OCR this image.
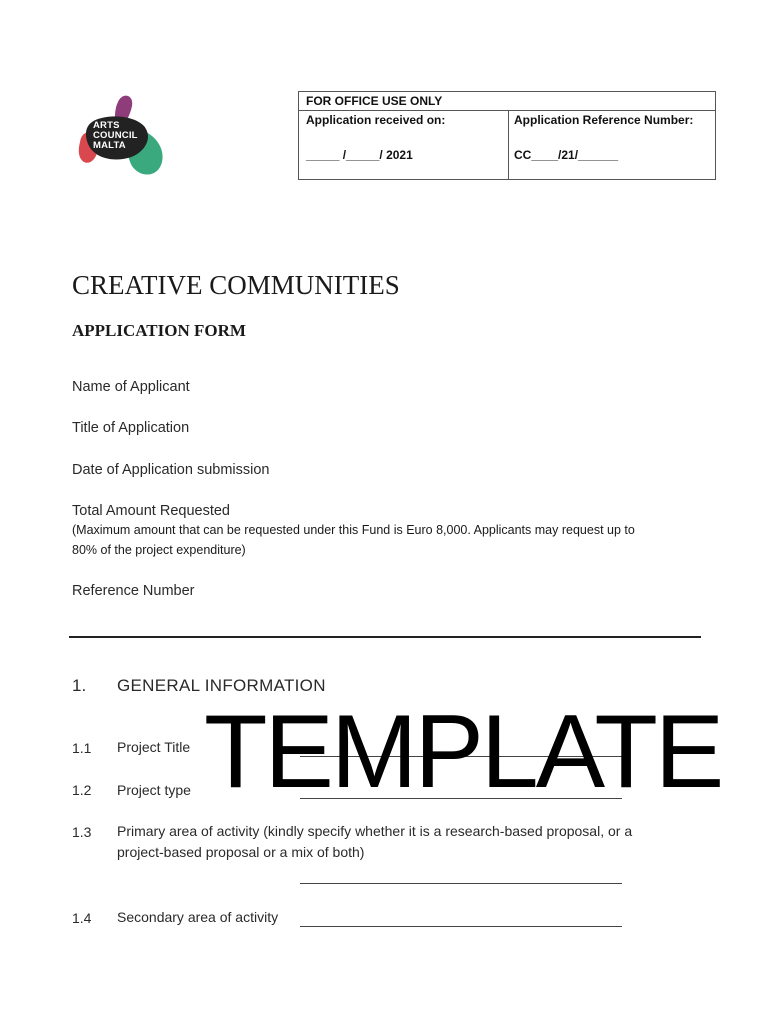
ARTS
COUNCIL
MALTA
FOR OFFICE USE ONLY
Application received on:
_____ /_____/ 2021
Application Reference Number:
CC____/21/______
CREATIVE COMMUNITIES
APPLICATION FORM
Name of Applicant
Title of Application
Date of Application submission
Total Amount Requested
(Maximum amount that can be requested under this Fund is Euro 8,000. Applicants may request up to
80% of the project expenditure)
Reference Number
1. GENERAL INFORMATION
1.1 Project Title
1.2 Project type
1.3 Primary area of activity (kindly specify whether it is a research-based proposal, or a
project-based proposal or a mix of both)
1.4 Secondary area of activity
TEMPLATE
